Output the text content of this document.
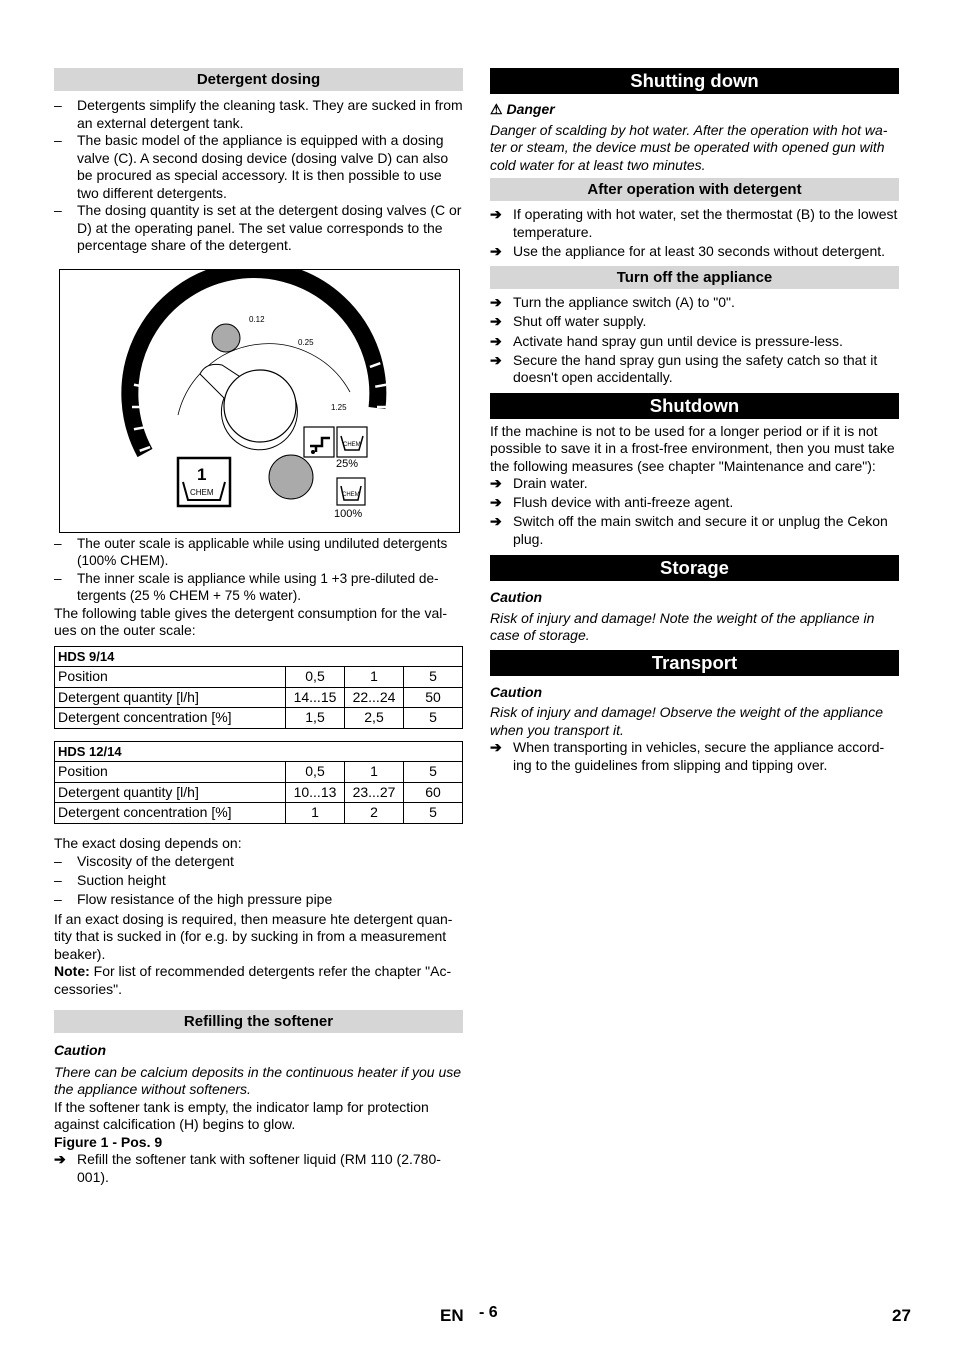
Detergent dosing
– Detergents simplify the cleaning task. They are sucked in from an external detergent tank.
– The basic model of the appliance is equipped with a dosing valve (C). A second dosing device (dosing valve D) can also be procured as special accessory. It is then possible to use two different detergents.
– The dosing quantity is set at the detergent dosing valves (C or D) at the operating panel. The set value corresponds to the percentage share of the detergent.
0
0.5
1
5
%
0.12
0.25
1.25
CHEM
25%
CHEM
100%
1
CHEM
– The outer scale is applicable while using undiluted detergents (100% CHEM).
– The inner scale is appliance while using 1 +3 pre-diluted de-tergents (25 % CHEM + 75 % water).

The following table gives the detergent consumption for the val-ues on the outer scale:

HDS 9/14			
Position	0,5	1	5
Detergent quantity [l/h]	14...15	22...24	50
Detergent concentration [%]	1,5	2,5	5
HDS 12/14			
Position	0,5	1	5
Detergent quantity [l/h]	10...13	23...27	60
Detergent concentration [%]	1	2	5

The exact dosing depends on:

– Viscosity of the detergent
– Suction height
– Flow resistance of the high pressure pipe

If an exact dosing is required, then measure hte detergent quan-tity that is sucked in (for e.g. by sucking in from a measurement beaker).

Note: For list of recommended detergents refer the chapter "Ac-cessories".

Refilling the softener

Caution

There can be calcium deposits in the continuous heater if you use the appliance without softeners.

If the softener tank is empty, the indicator lamp for protection against calcification (H) begins to glow.

Figure 1 - Pos. 9

➔ Refill the softener tank with softener liquid (RM 110 (2.780-001).
Shutting down

⚠ Danger

Danger of scalding by hot water. After the operation with hot wa-ter or steam, the device must be operated with opened gun with cold water for at least two minutes.

After operation with detergent
➔ If operating with hot water, set the thermostat (B) to the lowest temperature.
➔ Use the appliance for at least 30 seconds without detergent.
Turn off the appliance
➔ Turn the appliance switch (A) to "0".
➔ Shut off water supply.
➔ Activate hand spray gun until device is pressure-less.
➔ Secure the hand spray gun using the safety catch so that it doesn't open accidentally.
Shutdown

If the machine is not to be used for a longer period or if it is not possible to save it in a frost-free environment, then you must take the following measures (see chapter "Maintenance and care"):

➔ Drain water.
➔ Flush device with anti-freeze agent.
➔ Switch off the main switch and secure it or unplug the Cekon plug.
Storage

Caution

Risk of injury and damage! Note the weight of the appliance in case of storage.

Transport

Caution

Risk of injury and damage! Observe the weight of the appliance when you transport it.

➔ When transporting in vehicles, secure the appliance accord-ing to the guidelines from slipping and tipping over.
EN - 6	27
